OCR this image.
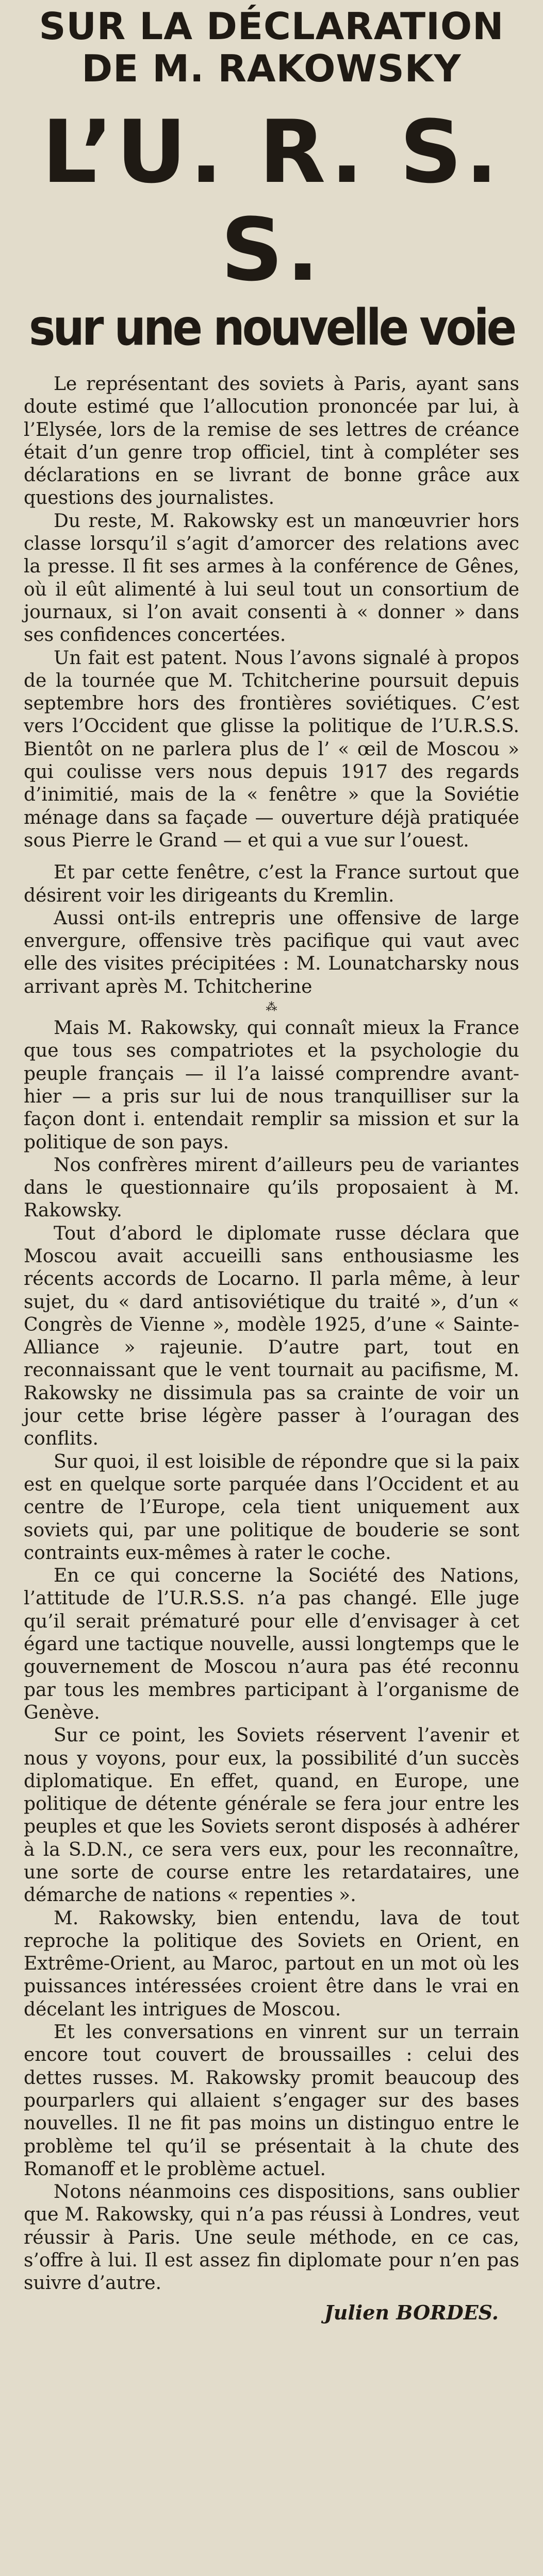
SUR LA DÉCLARATION
DE M. RAKOWSKY
L’U. R. S. S.
sur une nouvelle voie

Le représentant des soviets à Paris, ayant sans doute estimé que l’allocution prononcée par lui, à l’Elysée, lors de la remise de ses lettres de créance était d’un genre trop officiel, tint à compléter ses déclarations en se livrant de bonne grâce aux questions des journalistes.

Du reste, M. Rakowsky est un manœuvrier hors classe lorsqu’il s’agit d’amorcer des relations avec la presse. Il fit ses armes à la conférence de Gênes, où il eût alimenté à lui seul tout un consortium de journaux, si l’on avait consenti à « donner » dans ses confidences concertées.

Un fait est patent. Nous l’avons signalé à propos de la tournée que M. Tchitcherine poursuit depuis septembre hors des frontières soviétiques. C’est vers l’Occident que glisse la politique de l’U.R.S.S. Bientôt on ne parlera plus de l’ « œil de Moscou » qui coulisse vers nous depuis 1917 des regards d’inimitié, mais de la « fenêtre » que la Soviétie ménage dans sa façade — ouverture déjà pratiquée sous Pierre le Grand — et qui a vue sur l’ouest.

Et par cette fenêtre, c’est la France surtout que désirent voir les dirigeants du Kremlin.

Aussi ont-ils entrepris une offensive de large envergure, offensive très pacifique qui vaut avec elle des visites précipitées : M. Lounatcharsky nous arrivant après M. Tchitcherine

⁂

Mais M. Rakowsky, qui connaît mieux la France que tous ses compatriotes et la psychologie du peuple français — il l’a laissé comprendre avant-hier — a pris sur lui de nous tranquilliser sur la façon dont i. entendait remplir sa mission et sur la politique de son pays.

Nos confrères mirent d’ailleurs peu de variantes dans le questionnaire qu’ils proposaient à M. Rakowsky.

Tout d’abord le diplomate russe déclara que Moscou avait accueilli sans enthousiasme les récents accords de Locarno. Il parla même, à leur sujet, du « dard antisoviétique du traité », d’un « Congrès de Vienne », modèle 1925, d’une « Sainte-Alliance » rajeunie. D’autre part, tout en reconnaissant que le vent tournait au pacifisme, M. Rakowsky ne dissimula pas sa crainte de voir un jour cette brise légère passer à l’ouragan des conflits.

Sur quoi, il est loisible de répondre que si la paix est en quelque sorte parquée dans l’Occident et au centre de l’Europe, cela tient uniquement aux soviets qui, par une politique de bouderie se sont contraints eux-mêmes à rater le coche.

En ce qui concerne la Société des Nations, l’attitude de l’U.R.S.S. n’a pas changé. Elle juge qu’il serait prématuré pour elle d’envisager à cet égard une tactique nouvelle, aussi longtemps que le gouvernement de Moscou n’aura pas été reconnu par tous les membres participant à l’organisme de Genève.

Sur ce point, les Soviets réservent l’avenir et nous y voyons, pour eux, la possibilité d’un succès diplomatique. En effet, quand, en Europe, une politique de détente générale se fera jour entre les peuples et que les Soviets seront disposés à adhérer à la S.D.N., ce sera vers eux, pour les reconnaître, une sorte de course entre les retardataires, une démarche de nations « repenties ».

M. Rakowsky, bien entendu, lava de tout reproche la politique des Soviets en Orient, en Extrême-Orient, au Maroc, partout en un mot où les puissances intéressées croient être dans le vrai en décelant les intrigues de Moscou.

Et les conversations en vinrent sur un terrain encore tout couvert de broussailles : celui des dettes russes. M. Rakowsky promit beaucoup des pourparlers qui allaient s’engager sur des bases nouvelles. Il ne fit pas moins un distinguo entre le problème tel qu’il se présentait à la chute des Romanoff et le problème actuel.

Notons néanmoins ces dispositions, sans oublier que M. Rakowsky, qui n’a pas réussi à Londres, veut réussir à Paris. Une seule méthode, en ce cas, s’offre à lui. Il est assez fin diplomate pour n’en pas suivre d’autre.

Julien BORDES.
